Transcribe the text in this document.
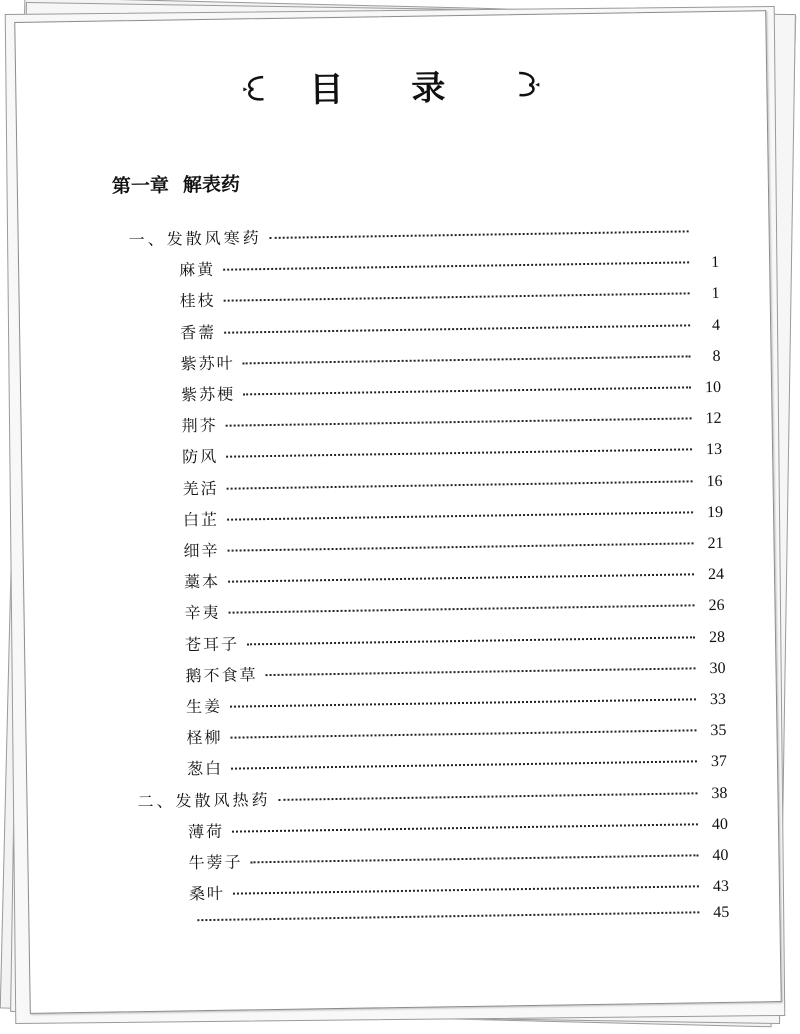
目 录
第一章 解表药
一、发散风寒药
麻黄	1
桂枝	1
香薷	4
紫苏叶	8
紫苏梗	10
荆芥	12
防风	13
羌活	16
白芷	19
细辛	21
藁本	24
辛夷	26
苍耳子	28
鹅不食草	30
生姜	33
柽柳	35
葱白	37
二、发散风热药	38
薄荷	40
牛蒡子	40
桑叶	43
45
